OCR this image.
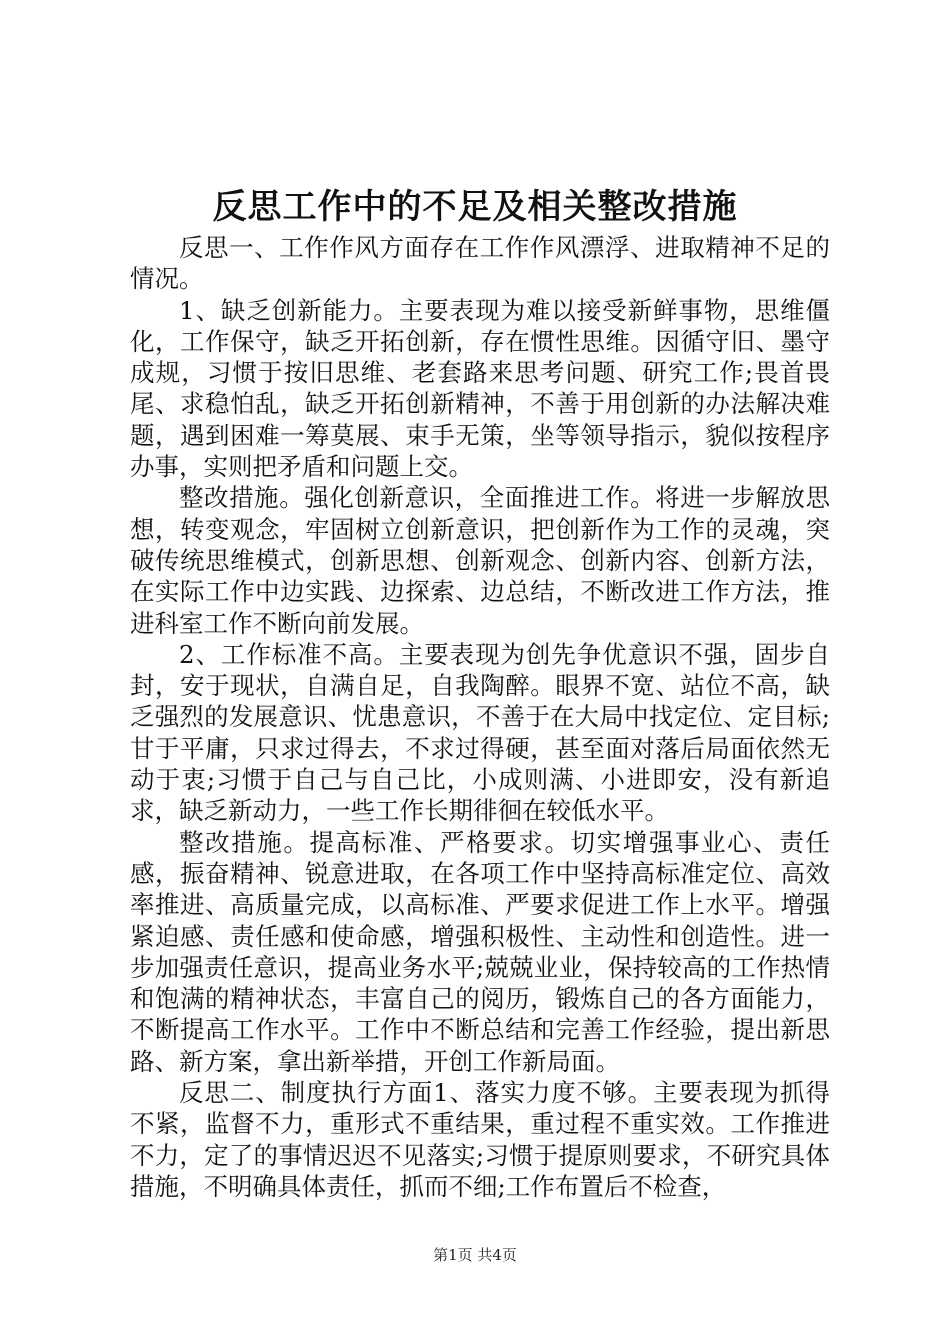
反思工作中的不足及相关整改措施

反思一、工作作风方面存在工作作风漂浮、进取精神不足的情况。

1、缺乏创新能力。主要表现为难以接受新鲜事物，思维僵化，工作保守，缺乏开拓创新，存在惯性思维。因循守旧、墨守成规，习惯于按旧思维、老套路来思考问题、研究工作;畏首畏尾、求稳怕乱，缺乏开拓创新精神，不善于用创新的办法解决难题，遇到困难一筹莫展、束手无策，坐等领导指示，貌似按程序办事，实则把矛盾和问题上交。

整改措施。强化创新意识，全面推进工作。将进一步解放思想，转变观念，牢固树立创新意识，把创新作为工作的灵魂，突破传统思维模式，创新思想、创新观念、创新内容、创新方法，在实际工作中边实践、边探索、边总结，不断改进工作方法，推进科室工作不断向前发展。

2、工作标准不高。主要表现为创先争优意识不强，固步自封，安于现状，自满自足，自我陶醉。眼界不宽、站位不高，缺乏强烈的发展意识、忧患意识，不善于在大局中找定位、定目标;甘于平庸，只求过得去，不求过得硬，甚至面对落后局面依然无动于衷;习惯于自己与自己比，小成则满、小进即安，没有新追求，缺乏新动力，一些工作长期徘徊在较低水平。

整改措施。提高标准、严格要求。切实增强事业心、责任感，振奋精神、锐意进取，在各项工作中坚持高标准定位、高效率推进、高质量完成，以高标准、严要求促进工作上水平。增强紧迫感、责任感和使命感，增强积极性、主动性和创造性。进一步加强责任意识，提高业务水平;兢兢业业，保持较高的工作热情和饱满的精神状态，丰富自己的阅历，锻炼自己的各方面能力，不断提高工作水平。工作中不断总结和完善工作经验，提出新思路、新方案，拿出新举措，开创工作新局面。

反思二、制度执行方面1、落实力度不够。主要表现为抓得不紧，监督不力，重形式不重结果，重过程不重实效。工作推进不力，定了的事情迟迟不见落实;习惯于提原则要求，不研究具体措施，不明确具体责任，抓而不细;工作布置后不检查，

第1页 共4页
